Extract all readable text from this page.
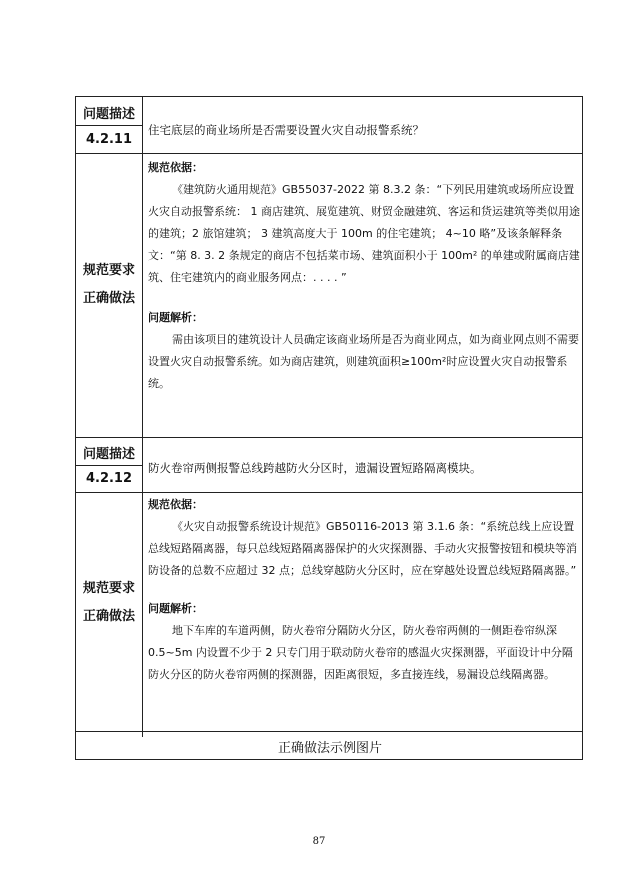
问题描述
4.2.11
住宅底层的商业场所是否需要设置火灾自动报警系统？
规范要求
正确做法

规范依据：

《建筑防火通用规范》GB55037-2022 第 8.3.2 条：“下列民用建筑或场所应设置火灾自动报警系统： 1 商店建筑、展览建筑、财贸金融建筑、客运和货运建筑等类似用途的建筑；2 旅馆建筑； 3 建筑高度大于 100m 的住宅建筑； 4~10 略”及该条解释条文：“第 8. 3. 2 条规定的商店不包括菜市场、建筑面积小于 100m² 的单建或附属商店建筑、住宅建筑内的商业服务网点：. . . . ”

问题解析：

需由该项目的建筑设计人员确定该商业场所是否为商业网点，如为商业网点则不需要设置火灾自动报警系统。如为商店建筑，则建筑面积≥100m²时应设置火灾自动报警系统。

问题描述
4.2.12
防火卷帘两侧报警总线跨越防火分区时，遗漏设置短路隔离模块。
规范要求
正确做法

规范依据：

《火灾自动报警系统设计规范》GB50116-2013 第 3.1.6 条：“系统总线上应设置总线短路隔离器，每只总线短路隔离器保护的火灾探测器、手动火灾报警按钮和模块等消防设备的总数不应超过 32 点；总线穿越防火分区时，应在穿越处设置总线短路隔离器。”

问题解析：

地下车库的车道两侧，防火卷帘分隔防火分区，防火卷帘两侧的一侧距卷帘纵深 0.5~5m 内设置不少于 2 只专门用于联动防火卷帘的感温火灾探测器，平面设计中分隔防火分区的防火卷帘两侧的探测器，因距离很短，多直接连线，易漏设总线隔离器。

正确做法示例图片
87
